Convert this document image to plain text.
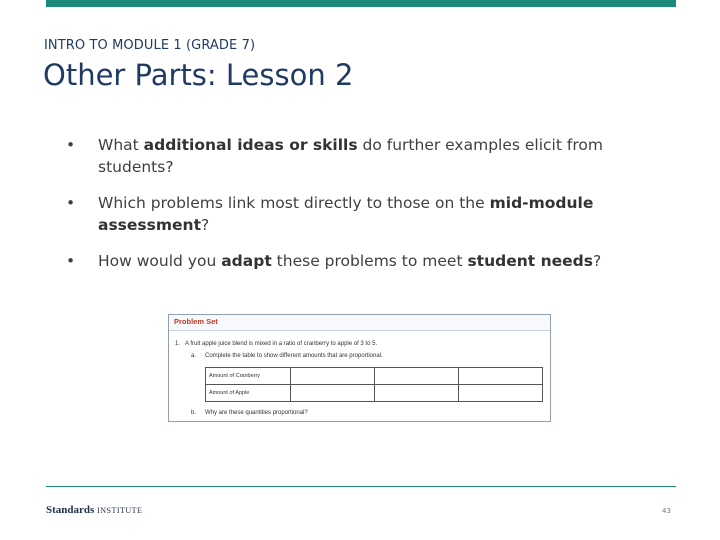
INTRO TO MODULE 1 (GRADE 7)
Other Parts: Lesson 2
• What additional ideas or skills do further examples elicit from students?
• Which problems link most directly to those on the mid-module assessment?
• How would you adapt these problems to meet student needs?
Problem Set
1. A fruit apple juice blend is mixed in a ratio of cranberry to apple of 3 to 5.
a. Complete the table to show different amounts that are proportional.
Amount of Cranberry			
Amount of Apple			
b. Why are these quantities proportional?
Standards INSTITUTE	43
